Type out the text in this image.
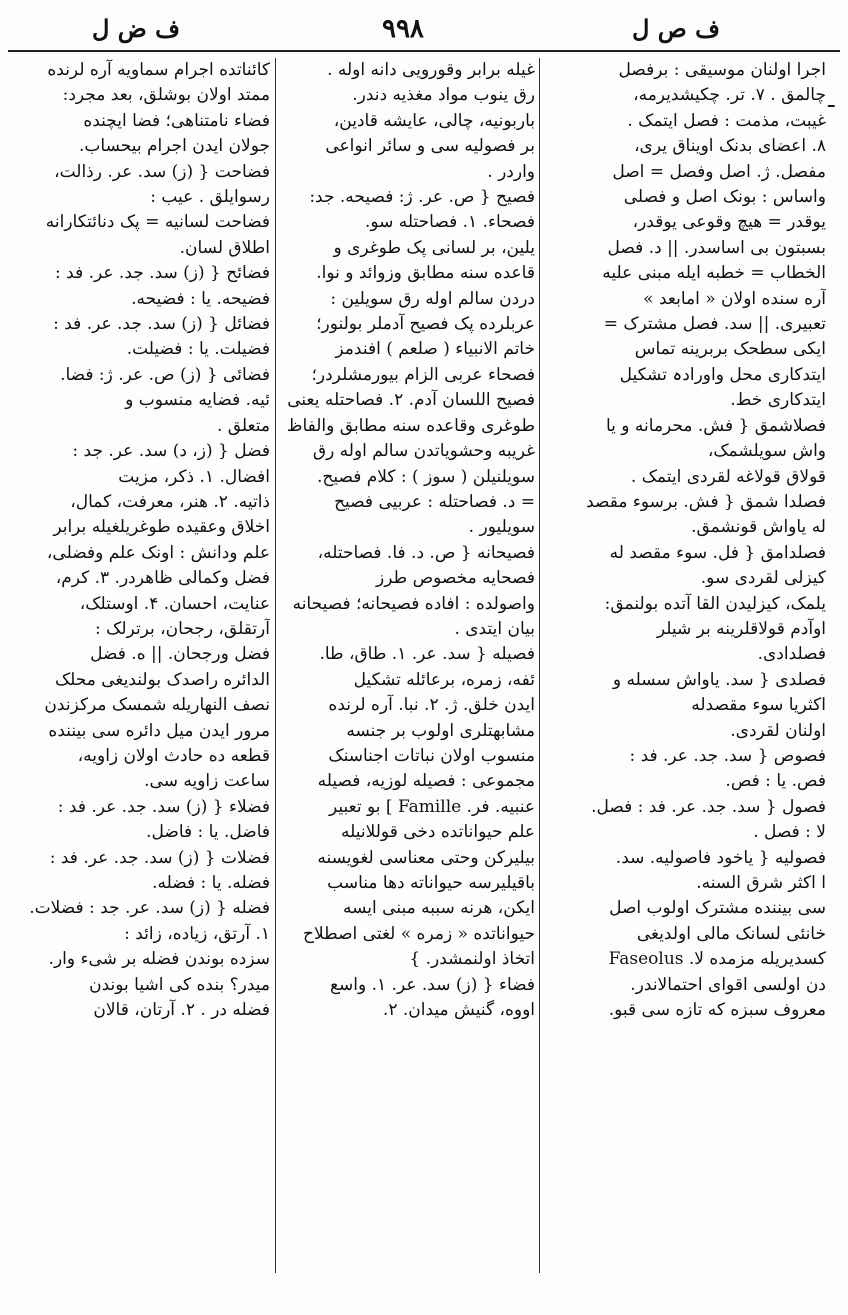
ف ض ل	٩٩٨	ف ص ل
ـ

اجرا اولنان موسیقی : برفصل

چالمق . ۷. تر. چکیشدیرمه،

غیبت، مذمت : فصل ایتمک .

۸. اعضای بدنک اویناق یری،

مفصل. ژ. اصل وفصل = اصل

واساس : بونک اصل و فصلی

یوقدر = هیچ وقوعی یوقدر،

بسبتون بی اساسدر. || د. فصل

الخطاب = خطبه ایله مبنی علیه

آره سنده اولان « امابعد »

تعبیری. || سد. فصل مشترک =

ایکی سطحک بربرینه تماس

ایتدکاری محل واورادہ تشکیل

ایتدکاری خط.

فصلاشمق { فش. محرمانه و یا

واش سویلشمک،

قولاق قولاغه لقردی ایتمک .

فصلدا شمق { فش. برسوء مقصد

له یاواش قونشمق.

فصلدامق { فل. سوء مقصد له

کیزلی لقردی سو.

یلمک، کیزلیدن القا آتده بولنمق:

اوآدم قولاقلرینه بر شیلر

فصلدادی.

فصلدی { سد. یاواش سسله و

اکثریا سوء مقصدله

اولنان لقردی.

فصوص { سد. جد. عر. فد :

فص. یا : فص.

فصول { سد. جد. عر. فد : فصل.

لا : فصل .

فصولیه { یاخود فاصولیه. سد.

ا اکثر شرق السنه.

سی بیننده مشترک اولوب اصل

خانئی لسانک مالی اولدیغی

کسدیریله مزمده لا. Faseolus

دن اولسی اقوای احتمالاندر.

معروف سبزه که تازه سی قبو.

غیله برابر وقورویی دانه اوله .

رق ینوب مواد مغذیه دندر.

باربونیه، چالی، عایشه قادین،

بر فصولیه سی و سائر انواعی

واردر .

فصیح { ص. عر. ژ: فصیحه. جد:

فصحاء. ۱. فصاحتله سو.

یلین، بر لسانی پک طوغری و

قاعده سنه مطابق وزوائد و نوا.

دردن سالم اوله رق سویلین :

عربلرده پک فصیح آدملر بولنور؛

خاتم الانبیاء ( صلعم ) افندمز

فصحاء عربی الزام بیورمشلردر؛

فصیح اللسان آدم. ۲. فصاحتله یعنی

طوغری وقاعده سنه مطابق والفاظ

غریبه وحشویاتدن سالم اوله رق

سویلنیلن ( سوز ) : کلام فصیح.

= د. فصاحتله : عربیی فصیح

سویلیور .

فصیحانه { ص. د. فا. فصاحتله،

فصحایه مخصوص طرز

واصولده : افاده فصیحانه؛ فصیحانه

بیان ایتدی .

فصیله { سد. عر. ۱. طاق، طا.

ئفه، زمره، برعائله تشکیل

ایدن خلق. ژ. ۲. نبا. آره لرنده

مشابهتلری اولوب بر جنسه

منسوب اولان نباتات اجناسنک

مجموعی : فصیله لوزیه، فصیله

عنبیه. فر. Famille ] بو تعبیر

علم حیواناتده دخی قوللانیله

بیلیرکن وحتی معناسی لغویسنه

باقیلیرسه حیواناته دها مناسب

ایکن، هرنه سببه مبنی ایسه

حیواناتده « زمره » لغتی اصطلاح

اتخاذ اولنمشدر. }

فضاء { (ز) سد. عر. ۱. واسع

اووه، گنیش میدان. ۲.

کائناتده اجرام سماویه آره لرنده

ممتد اولان بوشلق، بعد مجرد:

فضاء نامتناهی؛ فضا ایچنده

جولان ایدن اجرام بیحساب.

فضاحت { (ز) سد. عر. رذالت،

رسوایلق . عیب :

فضاحت لسانیه = پک دنائتکارانه

اطلاق لسان.

فضائح { (ز) سد. جد. عر. فد :

فضیحه. یا : فضیحه.

فضائل { (ز) سد. جد. عر. فد :

فضیلت. یا : فضیلت.

فضائی { (ز) ص. عر. ژ: فضا.

ئیه. فضایه منسوب و

متعلق .

فضل { (ز، د) سد. عر. جد :

افضال. ۱. ذکر، مزیت

ذاتیه. ۲. هنر، معرفت، کمال،

اخلاق وعقیده طوغریلغیله برابر

علم ودانش : اونک علم وفضلی،

فضل وکمالی ظاهردر. ۳. کرم،

عنایت، احسان. ۴. اوستلک،

آرتقلق، رجحان، برترلک :

فضل ورجحان. || ه. فضل

الدائره راصدک بولندیغی محلک

نصف النهاریله شمسک مرکزندن

مرور ایدن میل دائره سی بیننده

قطعه ده حادث اولان زاویه،

ساعت زاویه سی.

فضلاء { (ز) سد. جد. عر. فد :

فاضل. یا : فاضل.

فضلات { (ز) سد. جد. عر. فد :

فضله. یا : فضله.

فضله { (ز) سد. عر. جد : فضلات.

۱. آرتق، زیاده، زائد :

سزده بوندن فضله بر شیء وار.

میدر؟ بنده کی اشیا بوندن

فضله در . ۲. آرتان، قالان
